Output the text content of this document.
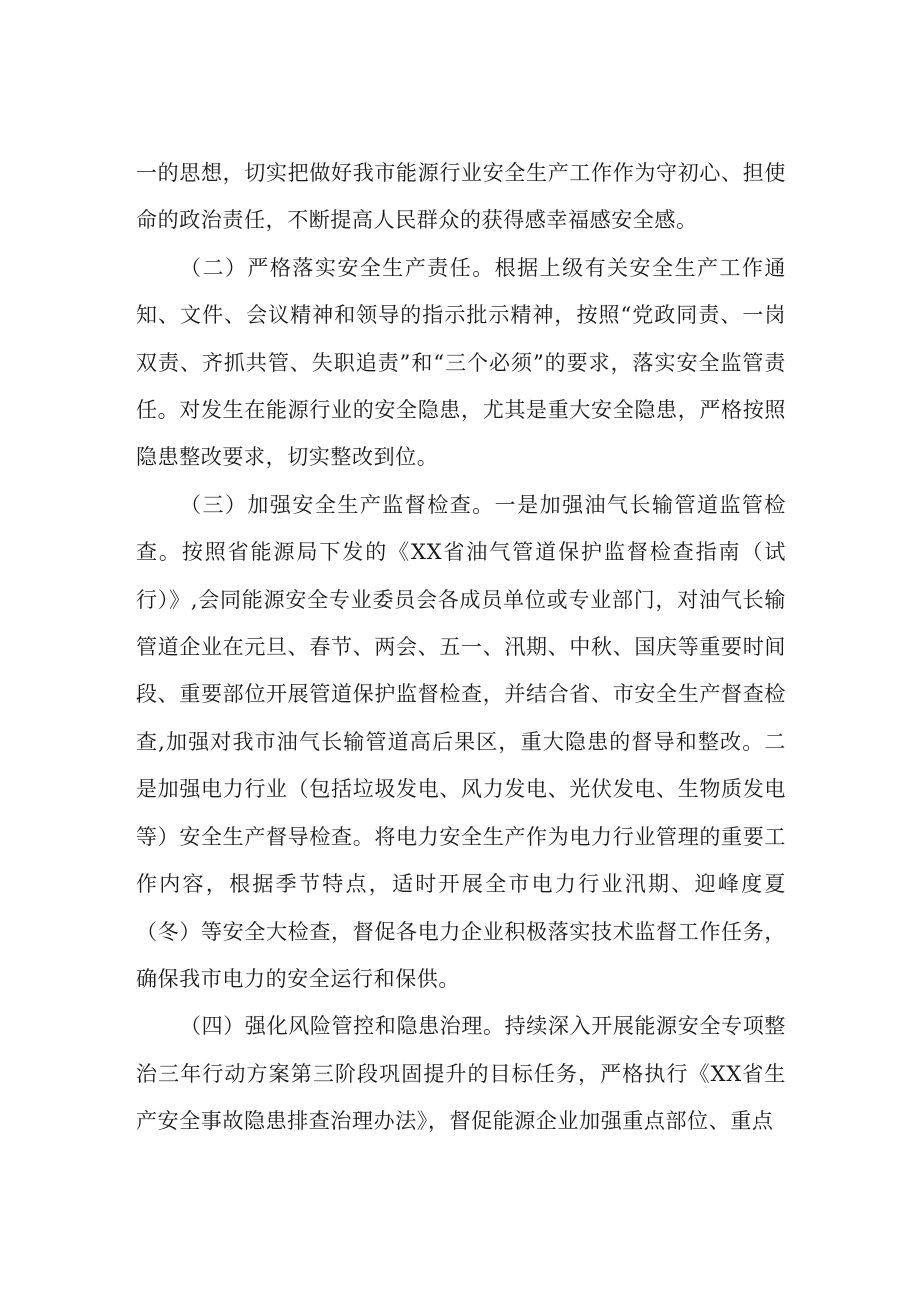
一的思想，切实把做好我市能源行业安全生产工作作为守初心、担使命的政治责任，不断提高人民群众的获得感幸福感安全感。

（二）严格落实安全生产责任。根据上级有关安全生产工作通知、文件、会议精神和领导的指示批示精神，按照“党政同责、一岗双责、齐抓共管、失职追责”和“三个必须”的要求，落实安全监管责任。对发生在能源行业的安全隐患，尤其是重大安全隐患，严格按照隐患整改要求，切实整改到位。

（三）加强安全生产监督检查。一是加强油气长输管道监管检查。按照省能源局下发的《XX省油气管道保护监督检查指南（试行）》,会同能源安全专业委员会各成员单位或专业部门，对油气长输管道企业在元旦、春节、两会、五一、汛期、中秋、国庆等重要时间段、重要部位开展管道保护监督检查，并结合省、市安全生产督查检查,加强对我市油气长输管道高后果区，重大隐患的督导和整改。二是加强电力行业（包括垃圾发电、风力发电、光伏发电、生物质发电等）安全生产督导检查。将电力安全生产作为电力行业管理的重要工作内容，根据季节特点，适时开展全市电力行业汛期、迎峰度夏（冬）等安全大检查，督促各电力企业积极落实技术监督工作任务，确保我市电力的安全运行和保供。

（四）强化风险管控和隐患治理。持续深入开展能源安全专项整治三年行动方案第三阶段巩固提升的目标任务，严格执行《XX省生产安全事故隐患排查治理办法》，督促能源企业加强重点部位、重点
